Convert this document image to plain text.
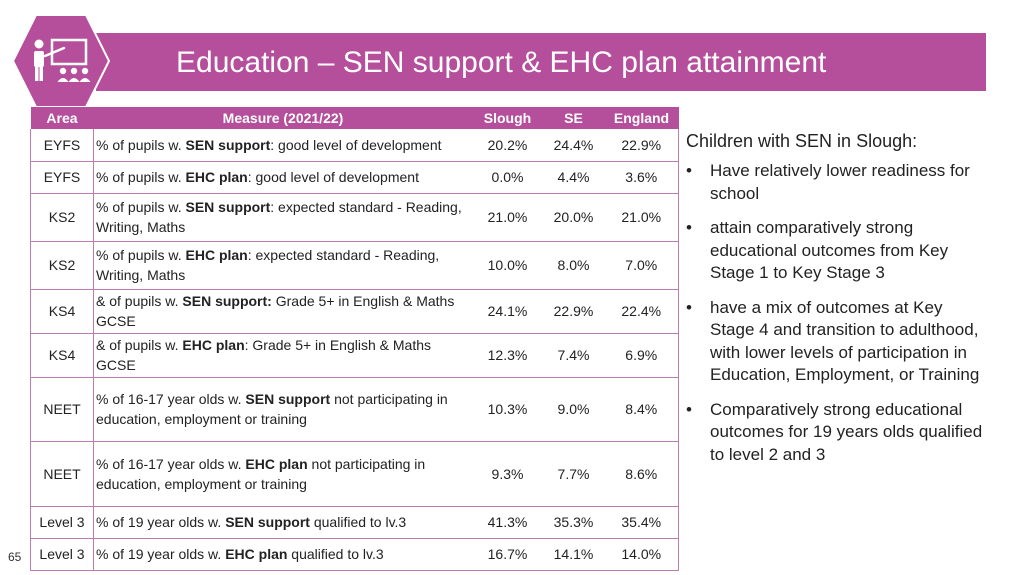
Education – SEN support & EHC plan attainment
Area	Measure (2021/22)	Slough	SE	England
EYFS	% of pupils w. SEN support: good level of development	20.2%	24.4%	22.9%
EYFS	% of pupils w. EHC plan: good level of development	0.0%	4.4%	3.6%
KS2	% of pupils w. SEN support: expected standard - Reading, Writing, Maths	21.0%	20.0%	21.0%
KS2	% of pupils w. EHC plan: expected standard - Reading, Writing, Maths	10.0%	8.0%	7.0%
KS4	& of pupils w. SEN support: Grade 5+ in English & Maths GCSE	24.1%	22.9%	22.4%
KS4	& of pupils w. EHC plan: Grade 5+ in English & Maths GCSE	12.3%	7.4%	6.9%
NEET	% of 16-17 year olds w. SEN support not participating in education, employment or training	10.3%	9.0%	8.4%
NEET	% of 16-17 year olds w. EHC plan not participating in education, employment or training	9.3%	7.7%	8.6%
Level 3	% of 19 year olds w. SEN support qualified to lv.3	41.3%	35.3%	35.4%
Level 3	% of 19 year olds w. EHC plan qualified to lv.3	16.7%	14.1%	14.0%

Children with SEN in Slough:

• Have relatively lower readiness for school
• attain comparatively strong educational outcomes from Key Stage 1 to Key Stage 3
• have a mix of outcomes at Key Stage 4 and transition to adulthood, with lower levels of participation in Education, Employment, or Training
• Comparatively strong educational outcomes for 19 years olds qualified to level 2 and 3
65
